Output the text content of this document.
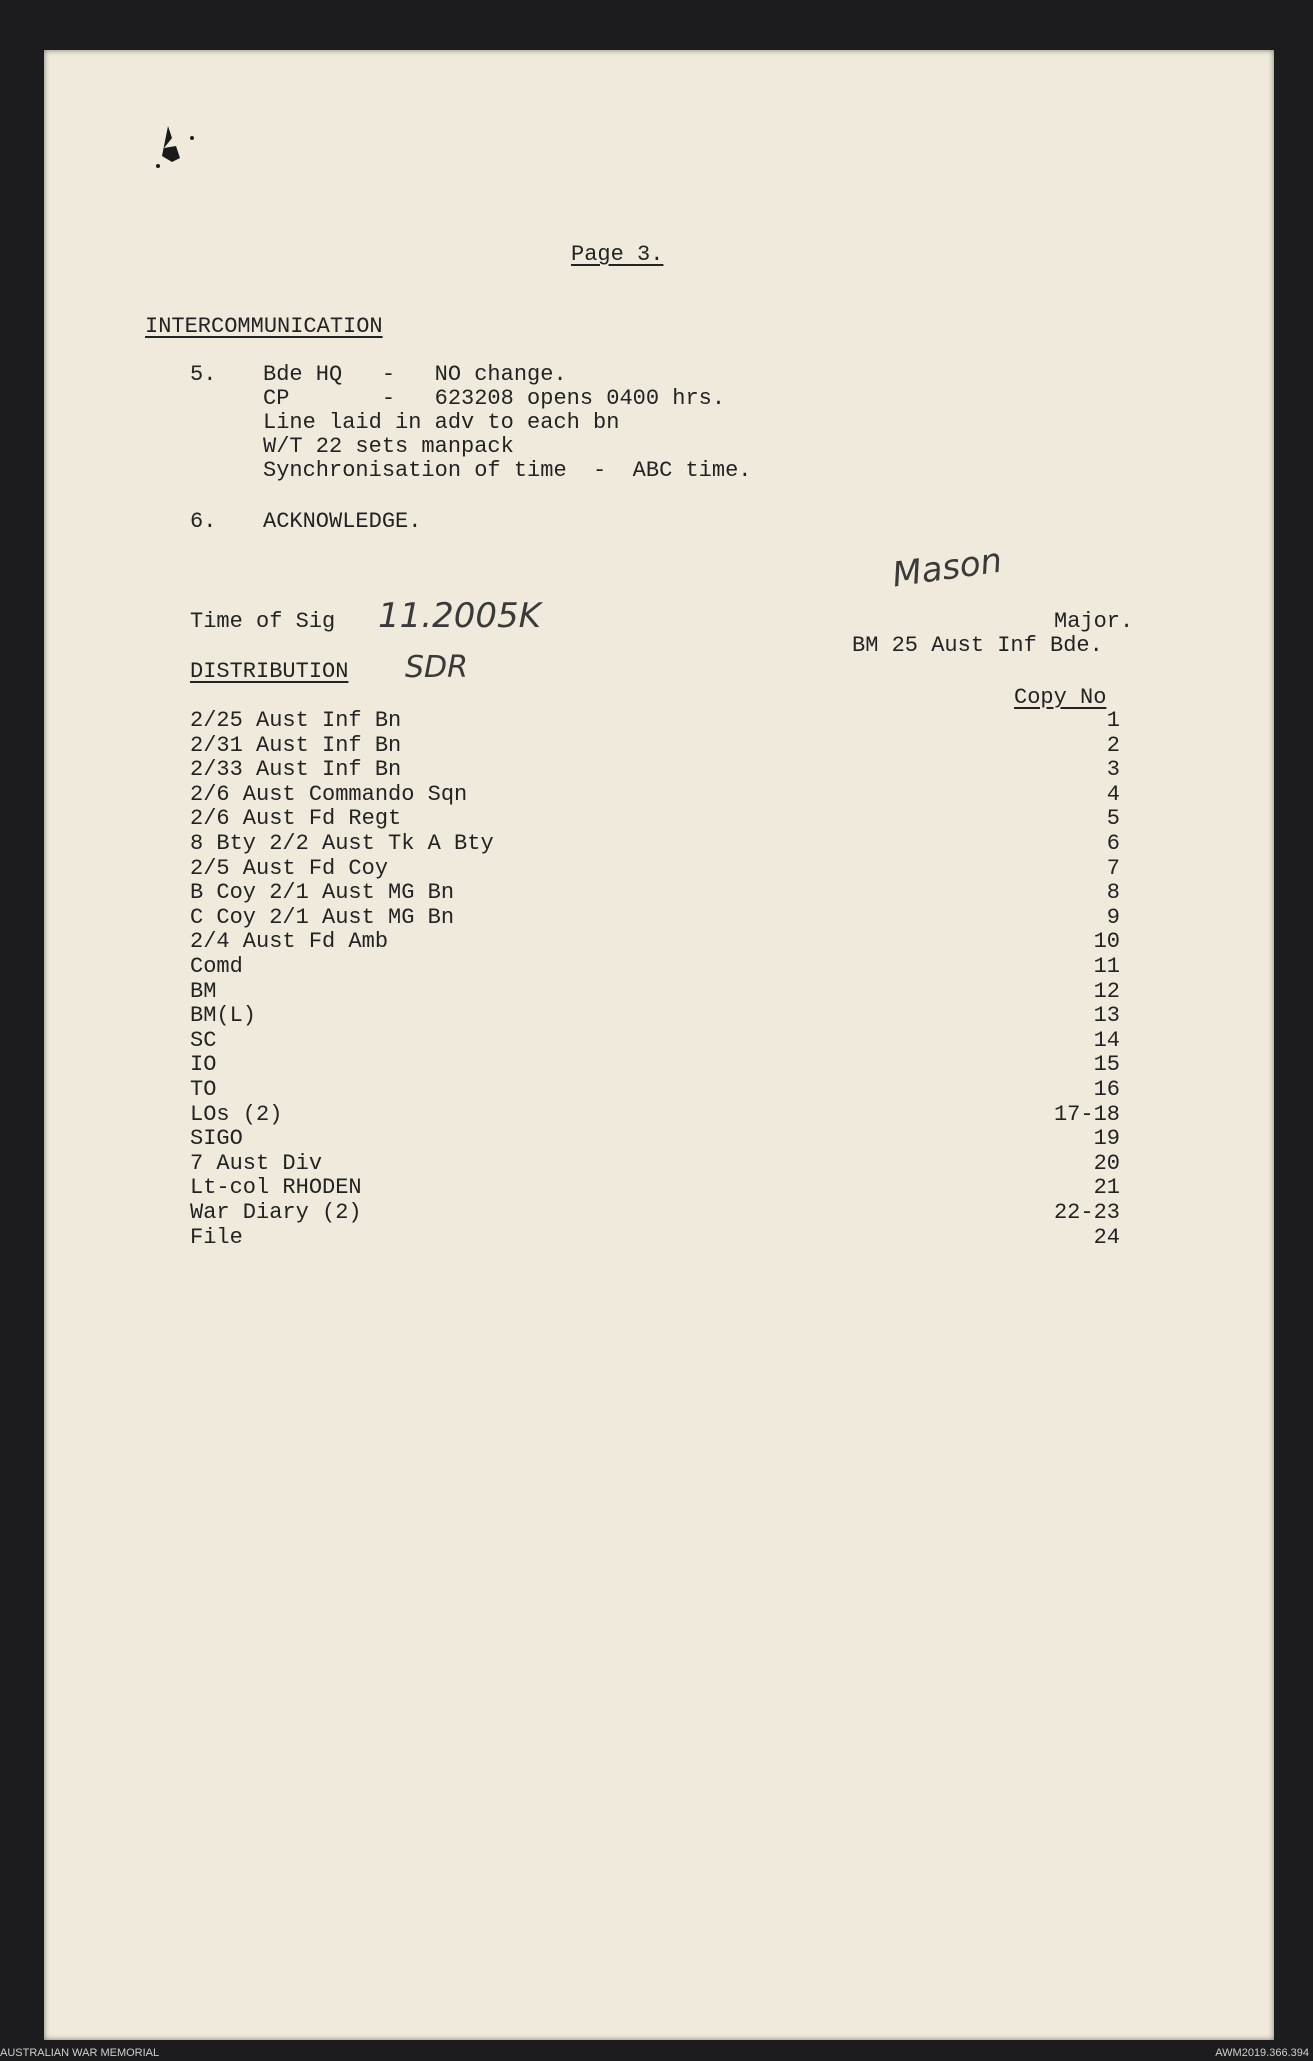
Page 3.
INTERCOMMUNICATION
5. Bde HQ   -   NO change.
CP       -   623208 opens 0400 hrs.
Line laid in adv to each bn
W/T 22 sets manpack
Synchronisation of time  -  ABC time.
6. ACKNOWLEDGE.
Mason
Time of Sig 11.2005K	Major.
BM 25 Aust Inf Bde.
DISTRIBUTION SDR
Copy No
2/25 Aust Inf Bn	1
2/31 Aust Inf Bn	2
2/33 Aust Inf Bn	3
2/6 Aust Commando Sqn	4
2/6 Aust Fd Regt	5
8 Bty 2/2 Aust Tk A Bty	6
2/5 Aust Fd Coy	7
B Coy 2/1 Aust MG Bn	8
C Coy 2/1 Aust MG Bn	9
2/4 Aust Fd Amb	10
Comd	11
BM	12
BM(L)	13
SC	14
IO	15
TO	16
LOs (2)	17-18
SIGO	19
7 Aust Div	20
Lt-col RHODEN	21
War Diary (2)	22-23
File	24
AUSTRALIAN WAR MEMORIAL	AWM2019.366.394
